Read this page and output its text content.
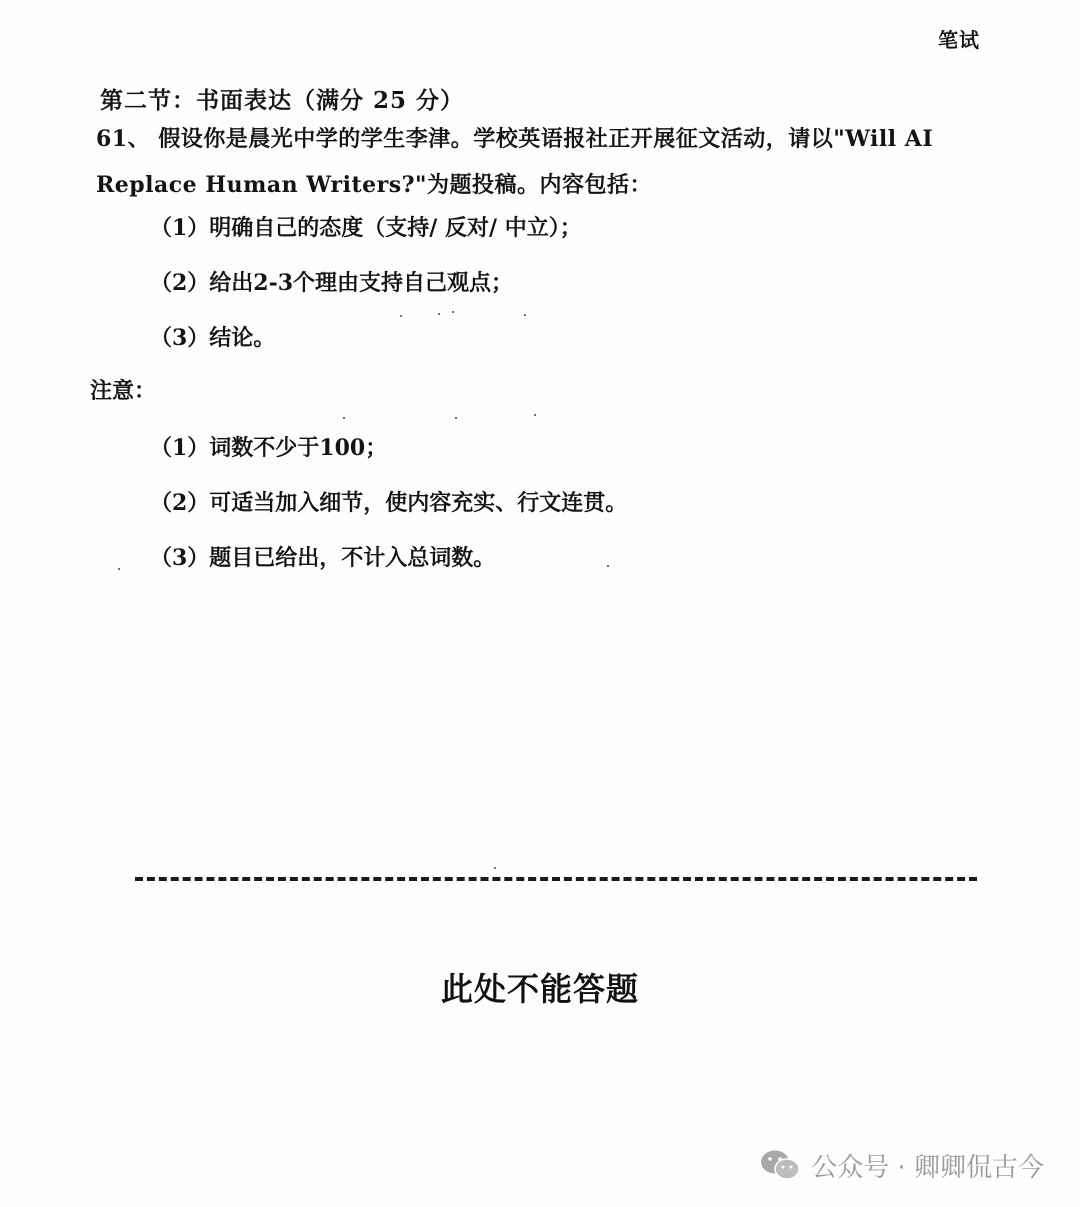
笔试
第二节：书面表达（满分 25 分）
61、 假设你是晨光中学的学生李津。学校英语报社正开展征文活动，请以"Will AI Replace Human Writers?"为题投稿。内容包括：
（1）明确自己的态度（支持/ 反对/ 中立）；
（2）给出2-3个理由支持自己观点；
（3）结论。
注意：
（1）词数不少于100；
（2）可适当加入细节，使内容充实、行文连贯。
（3）题目已给出，不计入总词数。
此处不能答题
公众号 · 卿卿侃古今
